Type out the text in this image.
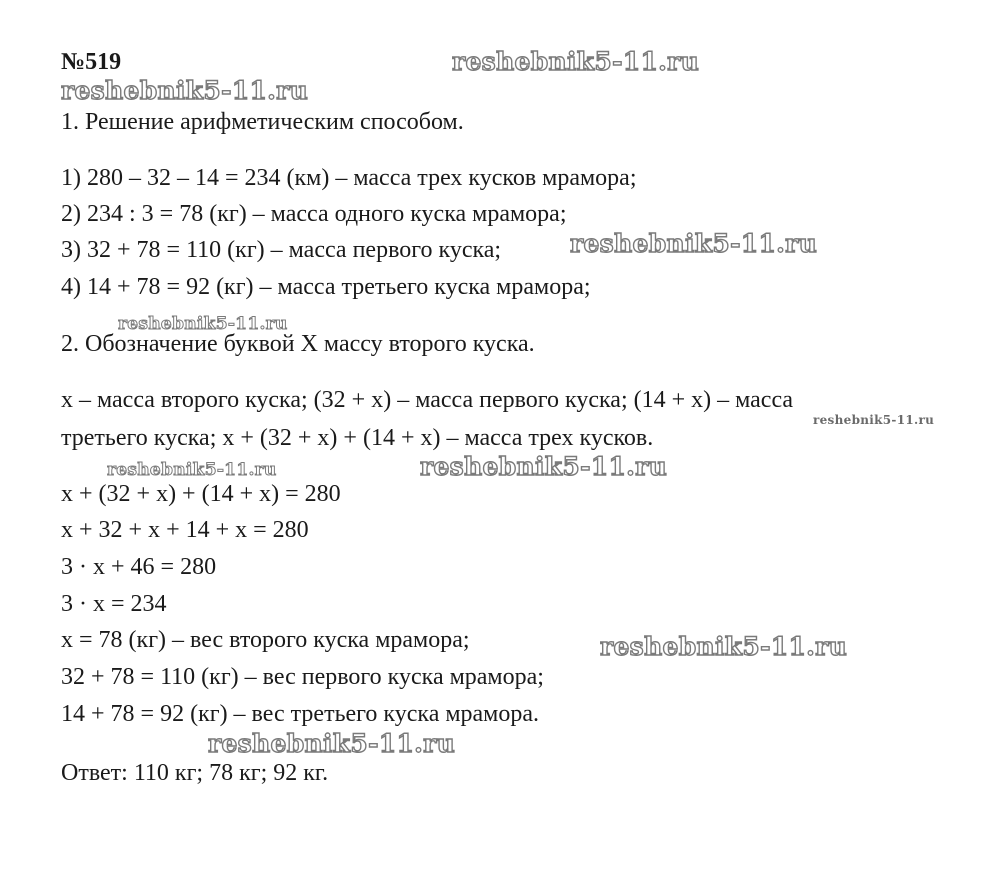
№519
1. Решение арифметическим способом.
1) 280 – 32 – 14 = 234 (км) – масса трех кусков мрамора;
2) 234 : 3 = 78 (кг) – масса одного куска мрамора;
3) 32 + 78 = 110 (кг) – масса первого куска;
4) 14 + 78 = 92 (кг) – масса третьего куска мрамора;
2. Обозначение буквой X массу второго куска.
x – масса второго куска; (32 + x) – масса первого куска; (14 + x) – масса
третьего куска; x + (32 + x) + (14 + x) – масса трех кусков.
x + (32 + x) + (14 + x) = 280
x + 32 + x + 14 + x = 280
3 · x + 46 = 280
3 · x = 234
x = 78 (кг) – вес второго куска мрамора;
32 + 78 = 110 (кг) – вес первого куска мрамора;
14 + 78 = 92 (кг) – вес третьего куска мрамора.
Ответ: 110 кг; 78 кг; 92 кг.
reshebnik5-11.ru
reshebnik5-11.ru
reshebnik5-11.ru
reshebnik5-11.ru
reshebnik5-11.ru
reshebnik5-11.ru	reshebnik5-11.ru
reshebnik5-11.ru
reshebnik5-11.ru
